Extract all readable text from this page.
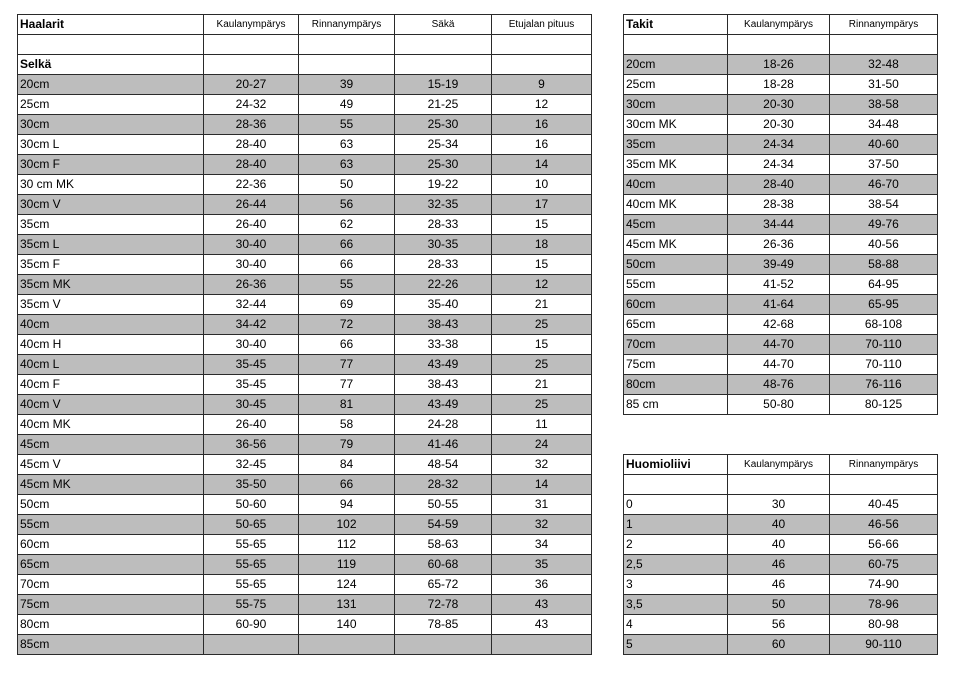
Haalarit	Kaulanympärys	Rinnanympärys	Säkä	Etujalan pituus

Selkä				
20cm	20-27	39	15-19	9
25cm	24-32	49	21-25	12
30cm	28-36	55	25-30	16
30cm L	28-40	63	25-34	16
30cm F	28-40	63	25-30	14
30 cm MK	22-36	50	19-22	10
30cm V	26-44	56	32-35	17
35cm	26-40	62	28-33	15
35cm L	30-40	66	30-35	18
35cm F	30-40	66	28-33	15
35cm MK	26-36	55	22-26	12
35cm V	32-44	69	35-40	21
40cm	34-42	72	38-43	25
40cm H	30-40	66	33-38	15
40cm L	35-45	77	43-49	25
40cm F	35-45	77	38-43	21
40cm V	30-45	81	43-49	25
40cm MK	26-40	58	24-28	11
45cm	36-56	79	41-46	24
45cm V	32-45	84	48-54	32
45cm MK	35-50	66	28-32	14
50cm	50-60	94	50-55	31
55cm	50-65	102	54-59	32
60cm	55-65	112	58-63	34
65cm	55-65	119	60-68	35
70cm	55-65	124	65-72	36
75cm	55-75	131	72-78	43
80cm	60-90	140	78-85	43
85cm				
Takit	Kaulanympärys	Rinnanympärys

20cm	18-26	32-48
25cm	18-28	31-50
30cm	20-30	38-58
30cm MK	20-30	34-48
35cm	24-34	40-60
35cm MK	24-34	37-50
40cm	28-40	46-70
40cm MK	28-38	38-54
45cm	34-44	49-76
45cm MK	26-36	40-56
50cm	39-49	58-88
55cm	41-52	64-95
60cm	41-64	65-95
65cm	42-68	68-108
70cm	44-70	70-110
75cm	44-70	70-110
80cm	48-76	76-116
85 cm	50-80	80-125
Huomioliivi	Kaulanympärys	Rinnanympärys

0	30	40-45
1	40	46-56
2	40	56-66
2,5	46	60-75
3	46	74-90
3,5	50	78-96
4	56	80-98
5	60	90-110
